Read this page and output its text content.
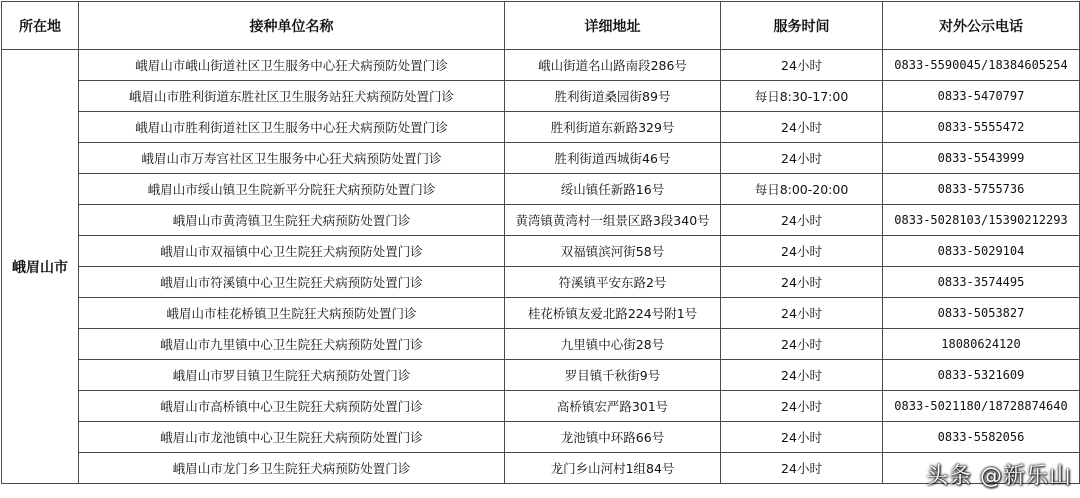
所在地	接种单位名称	详细地址	服务时间	对外公示电话
峨眉山市	峨眉山市峨山街道社区卫生服务中心狂犬病预防处置门诊	峨山街道名山路南段286号	24小时	0833-5590045/18384605254
	峨眉山市胜利街道东胜社区卫生服务站狂犬病预防处置门诊	胜利街道桑园街89号	每日8:30-17:00	0833-5470797
	峨眉山市胜利街道社区卫生服务中心狂犬病预防处置门诊	胜利街道东新路329号	24小时	0833-5555472
	峨眉山市万寿宫社区卫生服务中心狂犬病预防处置门诊	胜利街道西城街46号	24小时	0833-5543999
	峨眉山市绥山镇卫生院新平分院狂犬病预防处置门诊	绥山镇任新路16号	每日8:00-20:00	0833-5755736
	峨眉山市黄湾镇卫生院狂犬病预防处置门诊	黄湾镇黄湾村一组景区路3段340号	24小时	0833-5028103/15390212293
	峨眉山市双福镇中心卫生院狂犬病预防处置门诊	双福镇滨河街58号	24小时	0833-5029104
	峨眉山市符溪镇中心卫生院狂犬病预防处置门诊	符溪镇平安东路2号	24小时	0833-3574495
	峨眉山市桂花桥镇卫生院狂犬病预防处置门诊	桂花桥镇友爱北路224号附1号	24小时	0833-5053827
	峨眉山市九里镇中心卫生院狂犬病预防处置门诊	九里镇中心街28号	24小时	18080624120
	峨眉山市罗目镇卫生院狂犬病预防处置门诊	罗目镇千秋街9号	24小时	0833-5321609
	峨眉山市高桥镇中心卫生院狂犬病预防处置门诊	高桥镇宏严路301号	24小时	0833-5021180/18728874640
	峨眉山市龙池镇中心卫生院狂犬病预防处置门诊	龙池镇中环路66号	24小时	0833-5582056
	峨眉山市龙门乡卫生院狂犬病预防处置门诊	龙门乡山河村1组84号	24小时		头条 @新乐山
